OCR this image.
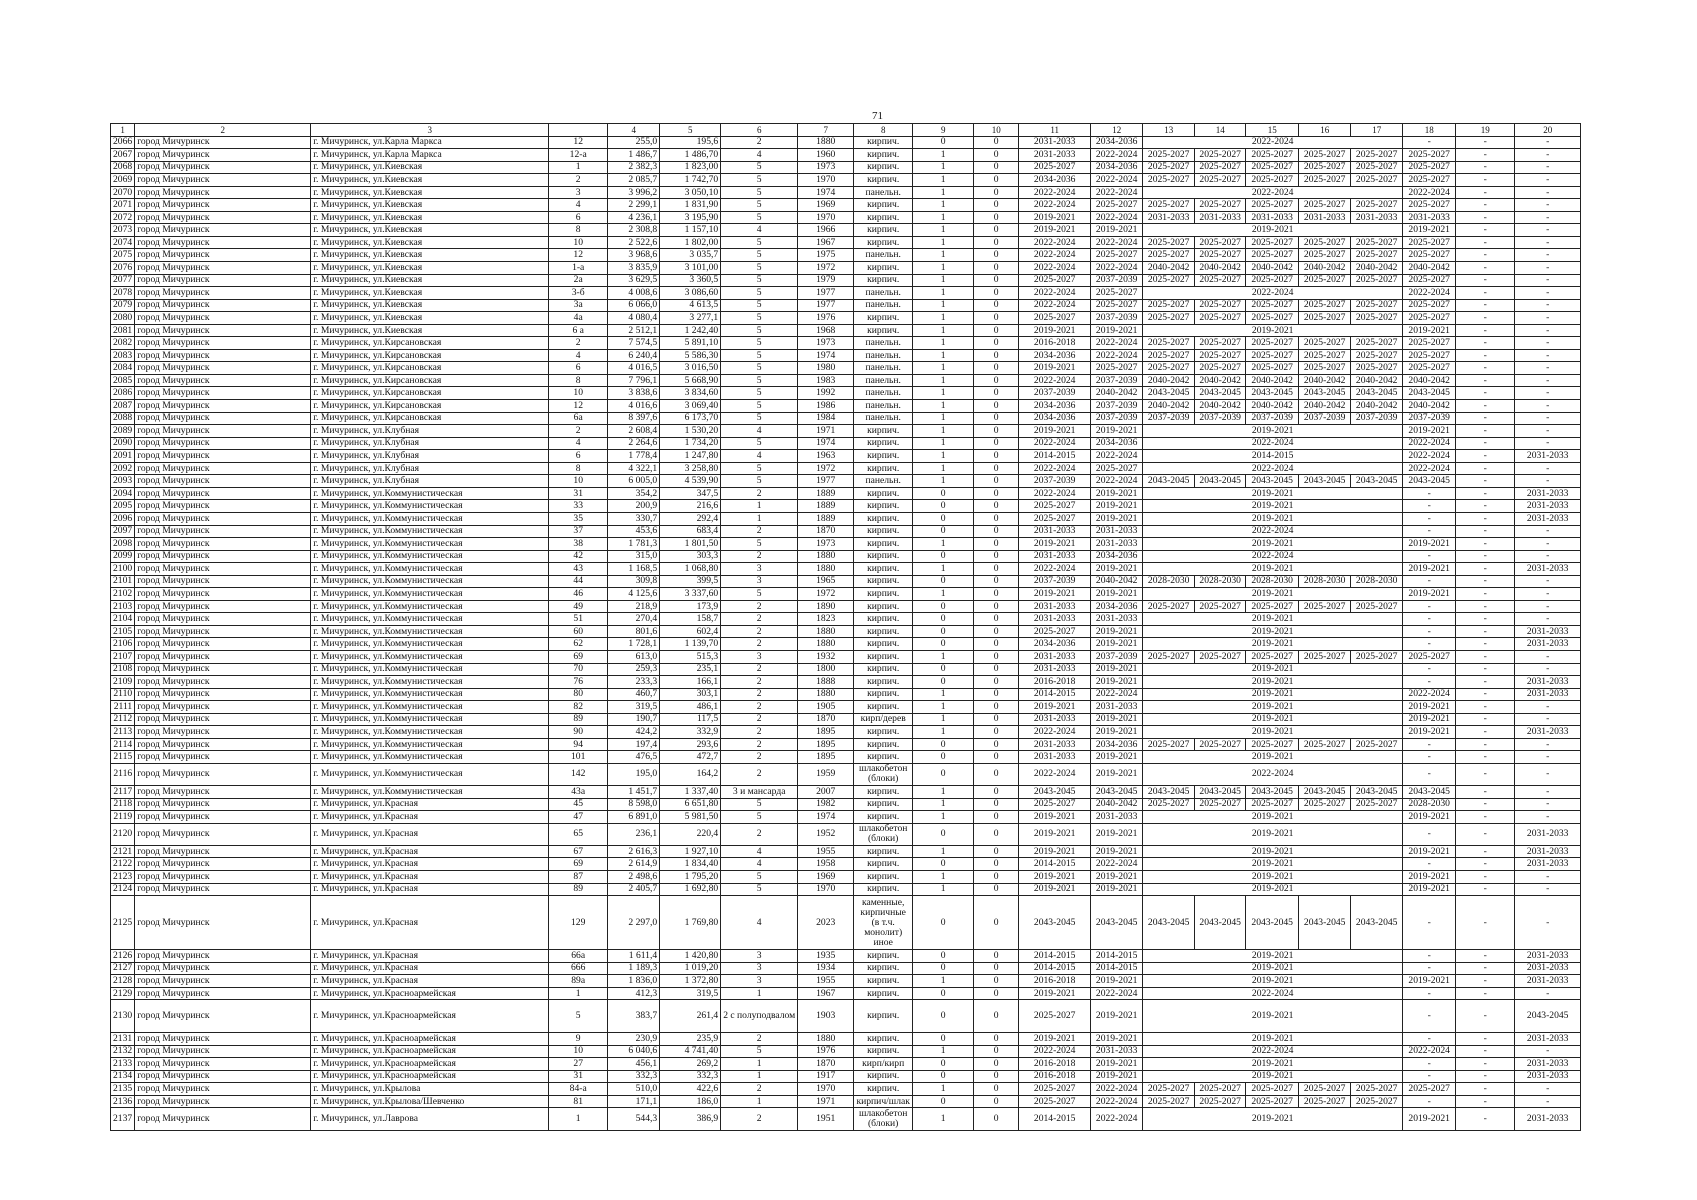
71
1	2	3		4	5	6	7	8	9	10	11	12	13	14	15	16	17	18	19	20
2066	город Мичуринск	г. Мичуринск, ул.Карла Маркса	12	255,0	195,6	2	1880	кирпич.	0	0	2031-2033	2034-2036	2022-2024					-	-	-
2067	город Мичуринск	г. Мичуринск, ул.Карла Маркса	12-а	1 486,7	1 486,70	4	1960	кирпич.	1	0	2031-2033	2022-2024	2025-2027	2025-2027	2025-2027	2025-2027	2025-2027	2025-2027	-	-
2068	город Мичуринск	г. Мичуринск, ул.Киевская	1	2 382,3	1 823,00	5	1973	кирпич.	1	0	2025-2027	2034-2036	2025-2027	2025-2027	2025-2027	2025-2027	2025-2027	2025-2027	-	-
2069	город Мичуринск	г. Мичуринск, ул.Киевская	2	2 085,7	1 742,70	5	1970	кирпич.	1	0	2034-2036	2022-2024	2025-2027	2025-2027	2025-2027	2025-2027	2025-2027	2025-2027	-	-
2070	город Мичуринск	г. Мичуринск, ул.Киевская	3	3 996,2	3 050,10	5	1974	панельн.	1	0	2022-2024	2022-2024	2022-2024					2022-2024	-	-
2071	город Мичуринск	г. Мичуринск, ул.Киевская	4	2 299,1	1 831,90	5	1969	кирпич.	1	0	2022-2024	2025-2027	2025-2027	2025-2027	2025-2027	2025-2027	2025-2027	2025-2027	-	-
2072	город Мичуринск	г. Мичуринск, ул.Киевская	6	4 236,1	3 195,90	5	1970	кирпич.	1	0	2019-2021	2022-2024	2031-2033	2031-2033	2031-2033	2031-2033	2031-2033	2031-2033	-	-
2073	город Мичуринск	г. Мичуринск, ул.Киевская	8	2 308,8	1 157,10	4	1966	кирпич.	1	0	2019-2021	2019-2021	2019-2021					2019-2021	-	-
2074	город Мичуринск	г. Мичуринск, ул.Киевская	10	2 522,6	1 802,00	5	1967	кирпич.	1	0	2022-2024	2022-2024	2025-2027	2025-2027	2025-2027	2025-2027	2025-2027	2025-2027	-	-
2075	город Мичуринск	г. Мичуринск, ул.Киевская	12	3 968,6	3 035,7	5	1975	панельн.	1	0	2022-2024	2025-2027	2025-2027	2025-2027	2025-2027	2025-2027	2025-2027	2025-2027	-	-
2076	город Мичуринск	г. Мичуринск, ул.Киевская	1-а	3 835,9	3 101,00	5	1972	кирпич.	1	0	2022-2024	2022-2024	2040-2042	2040-2042	2040-2042	2040-2042	2040-2042	2040-2042	-	-
2077	город Мичуринск	г. Мичуринск, ул.Киевская	2а	3 629,5	3 360,5	5	1979	кирпич.	1	0	2025-2027	2037-2039	2025-2027	2025-2027	2025-2027	2025-2027	2025-2027	2025-2027	-	-
2078	город Мичуринск	г. Мичуринск, ул.Киевская	3-б	4 008,6	3 086,60	5	1977	панельн.	1	0	2022-2024	2025-2027	2022-2024					2022-2024	-	-
2079	город Мичуринск	г. Мичуринск, ул.Киевская	3а	6 066,0	4 613,5	5	1977	панельн.	1	0	2022-2024	2025-2027	2025-2027	2025-2027	2025-2027	2025-2027	2025-2027	2025-2027	-	-
2080	город Мичуринск	г. Мичуринск, ул.Киевская	4а	4 080,4	3 277,1	5	1976	кирпич.	1	0	2025-2027	2037-2039	2025-2027	2025-2027	2025-2027	2025-2027	2025-2027	2025-2027	-	-
2081	город Мичуринск	г. Мичуринск, ул.Киевская	6 а	2 512,1	1 242,40	5	1968	кирпич.	1	0	2019-2021	2019-2021	2019-2021					2019-2021	-	-
2082	город Мичуринск	г. Мичуринск, ул.Кирсановская	2	7 574,5	5 891,10	5	1973	панельн.	1	0	2016-2018	2022-2024	2025-2027	2025-2027	2025-2027	2025-2027	2025-2027	2025-2027	-	-
2083	город Мичуринск	г. Мичуринск, ул.Кирсановская	4	6 240,4	5 586,30	5	1974	панельн.	1	0	2034-2036	2022-2024	2025-2027	2025-2027	2025-2027	2025-2027	2025-2027	2025-2027	-	-
2084	город Мичуринск	г. Мичуринск, ул.Кирсановская	6	4 016,5	3 016,50	5	1980	панельн.	1	0	2019-2021	2025-2027	2025-2027	2025-2027	2025-2027	2025-2027	2025-2027	2025-2027	-	-
2085	город Мичуринск	г. Мичуринск, ул.Кирсановская	8	7 796,1	5 668,90	5	1983	панельн.	1	0	2022-2024	2037-2039	2040-2042	2040-2042	2040-2042	2040-2042	2040-2042	2040-2042	-	-
2086	город Мичуринск	г. Мичуринск, ул.Кирсановская	10	3 838,6	3 834,60	5	1992	панельн.	1	0	2037-2039	2040-2042	2043-2045	2043-2045	2043-2045	2043-2045	2043-2045	2043-2045	-	-
2087	город Мичуринск	г. Мичуринск, ул.Кирсановская	12	4 016,6	3 069,40	5	1986	панельн.	1	0	2034-2036	2037-2039	2040-2042	2040-2042	2040-2042	2040-2042	2040-2042	2040-2042	-	-
2088	город Мичуринск	г. Мичуринск, ул.Кирсановская	6а	8 397,6	6 173,70	5	1984	панельн.	1	0	2034-2036	2037-2039	2037-2039	2037-2039	2037-2039	2037-2039	2037-2039	2037-2039	-	-
2089	город Мичуринск	г. Мичуринск, ул.Клубная	2	2 608,4	1 530,20	4	1971	кирпич.	1	0	2019-2021	2019-2021	2019-2021					2019-2021	-	-
2090	город Мичуринск	г. Мичуринск, ул.Клубная	4	2 264,6	1 734,20	5	1974	кирпич.	1	0	2022-2024	2034-2036	2022-2024					2022-2024	-	-
2091	город Мичуринск	г. Мичуринск, ул.Клубная	6	1 778,4	1 247,80	4	1963	кирпич.	1	0	2014-2015	2022-2024	2014-2015					2022-2024	-	2031-2033
2092	город Мичуринск	г. Мичуринск, ул.Клубная	8	4 322,1	3 258,80	5	1972	кирпич.	1	0	2022-2024	2025-2027	2022-2024					2022-2024	-	-
2093	город Мичуринск	г. Мичуринск, ул.Клубная	10	6 005,0	4 539,90	5	1977	панельн.	1	0	2037-2039	2022-2024	2043-2045	2043-2045	2043-2045	2043-2045	2043-2045	2043-2045	-	-
2094	город Мичуринск	г. Мичуринск, ул.Коммунистическая	31	354,2	347,5	2	1889	кирпич.	0	0	2022-2024	2019-2021	2019-2021					-	-	2031-2033
2095	город Мичуринск	г. Мичуринск, ул.Коммунистическая	33	200,9	216,6	1	1889	кирпич.	0	0	2025-2027	2019-2021	2019-2021					-	-	2031-2033
2096	город Мичуринск	г. Мичуринск, ул.Коммунистическая	35	330,7	292,4	1	1889	кирпич.	0	0	2025-2027	2019-2021	2019-2021					-	-	2031-2033
2097	город Мичуринск	г. Мичуринск, ул.Коммунистическая	37	453,6	683,4	2	1870	кирпич.	0	0	2031-2033	2031-2033	2022-2024					-	-	-
2098	город Мичуринск	г. Мичуринск, ул.Коммунистическая	38	1 781,3	1 801,50	5	1973	кирпич.	1	0	2019-2021	2031-2033	2019-2021					2019-2021	-	-
2099	город Мичуринск	г. Мичуринск, ул.Коммунистическая	42	315,0	303,3	2	1880	кирпич.	0	0	2031-2033	2034-2036	2022-2024					-	-	-
2100	город Мичуринск	г. Мичуринск, ул.Коммунистическая	43	1 168,5	1 068,80	3	1880	кирпич.	1	0	2022-2024	2019-2021	2019-2021					2019-2021	-	2031-2033
2101	город Мичуринск	г. Мичуринск, ул.Коммунистическая	44	309,8	399,5	3	1965	кирпич.	0	0	2037-2039	2040-2042	2028-2030	2028-2030	2028-2030	2028-2030	2028-2030	-	-	-
2102	город Мичуринск	г. Мичуринск, ул.Коммунистическая	46	4 125,6	3 337,60	5	1972	кирпич.	1	0	2019-2021	2019-2021	2019-2021					2019-2021	-	-
2103	город Мичуринск	г. Мичуринск, ул.Коммунистическая	49	218,9	173,9	2	1890	кирпич.	0	0	2031-2033	2034-2036	2025-2027	2025-2027	2025-2027	2025-2027	2025-2027	-	-	-
2104	город Мичуринск	г. Мичуринск, ул.Коммунистическая	51	270,4	158,7	2	1823	кирпич.	0	0	2031-2033	2031-2033	2019-2021					-	-	-
2105	город Мичуринск	г. Мичуринск, ул.Коммунистическая	60	801,6	602,4	2	1880	кирпич.	0	0	2025-2027	2019-2021	2019-2021					-	-	2031-2033
2106	город Мичуринск	г. Мичуринск, ул.Коммунистическая	62	1 728,1	1 139,70	2	1880	кирпич.	0	0	2034-2036	2019-2021	2019-2021					-	-	2031-2033
2107	город Мичуринск	г. Мичуринск, ул.Коммунистическая	69	613,0	515,3	3	1932	кирпич.	1	0	2031-2033	2037-2039	2025-2027	2025-2027	2025-2027	2025-2027	2025-2027	2025-2027	-	-
2108	город Мичуринск	г. Мичуринск, ул.Коммунистическая	70	259,3	235,1	2	1800	кирпич.	0	0	2031-2033	2019-2021	2019-2021					-	-	-
2109	город Мичуринск	г. Мичуринск, ул.Коммунистическая	76	233,3	166,1	2	1888	кирпич.	0	0	2016-2018	2019-2021	2019-2021					-	-	2031-2033
2110	город Мичуринск	г. Мичуринск, ул.Коммунистическая	80	460,7	303,1	2	1880	кирпич.	1	0	2014-2015	2022-2024	2019-2021					2022-2024	-	2031-2033
2111	город Мичуринск	г. Мичуринск, ул.Коммунистическая	82	319,5	486,1	2	1905	кирпич.	1	0	2019-2021	2031-2033	2019-2021					2019-2021	-	-
2112	город Мичуринск	г. Мичуринск, ул.Коммунистическая	89	190,7	117,5	2	1870	кирп/дерев	1	0	2031-2033	2019-2021	2019-2021					2019-2021	-	-
2113	город Мичуринск	г. Мичуринск, ул.Коммунистическая	90	424,2	332,9	2	1895	кирпич.	1	0	2022-2024	2019-2021	2019-2021					2019-2021	-	2031-2033
2114	город Мичуринск	г. Мичуринск, ул.Коммунистическая	94	197,4	293,6	2	1895	кирпич.	0	0	2031-2033	2034-2036	2025-2027	2025-2027	2025-2027	2025-2027	2025-2027	-	-	-
2115	город Мичуринск	г. Мичуринск, ул.Коммунистическая	101	476,5	472,7	2	1895	кирпич.	0	0	2031-2033	2019-2021	2019-2021					-	-	-
2116	город Мичуринск	г. Мичуринск, ул.Коммунистическая	142	195,0	164,2	2	1959	шлакобетон (блоки)	0	0	2022-2024	2019-2021	2022-2024					-	-	-
2117	город Мичуринск	г. Мичуринск, ул.Коммунистическая	43а	1 451,7	1 337,40	3 и мансарда	2007	кирпич.	1	0	2043-2045	2043-2045	2043-2045	2043-2045	2043-2045	2043-2045	2043-2045	2043-2045	-	-
2118	город Мичуринск	г. Мичуринск, ул.Красная	45	8 598,0	6 651,80	5	1982	кирпич.	1	0	2025-2027	2040-2042	2025-2027	2025-2027	2025-2027	2025-2027	2025-2027	2028-2030	-	-
2119	город Мичуринск	г. Мичуринск, ул.Красная	47	6 891,0	5 981,50	5	1974	кирпич.	1	0	2019-2021	2031-2033	2019-2021					2019-2021	-	-
2120	город Мичуринск	г. Мичуринск, ул.Красная	65	236,1	220,4	2	1952	шлакобетон (блоки)	0	0	2019-2021	2019-2021	2019-2021					-	-	2031-2033
2121	город Мичуринск	г. Мичуринск, ул.Красная	67	2 616,3	1 927,10	4	1955	кирпич.	1	0	2019-2021	2019-2021	2019-2021					2019-2021	-	2031-2033
2122	город Мичуринск	г. Мичуринск, ул.Красная	69	2 614,9	1 834,40	4	1958	кирпич.	0	0	2014-2015	2022-2024	2019-2021					-	-	2031-2033
2123	город Мичуринск	г. Мичуринск, ул.Красная	87	2 498,6	1 795,20	5	1969	кирпич.	1	0	2019-2021	2019-2021	2019-2021					2019-2021	-	-
2124	город Мичуринск	г. Мичуринск, ул.Красная	89	2 405,7	1 692,80	5	1970	кирпич.	1	0	2019-2021	2019-2021	2019-2021					2019-2021	-	-
2125	город Мичуринск	г. Мичуринск, ул.Красная	129	2 297,0	1 769,80	4	2023	каменные, кирпичные (в т.ч. монолит) иное	0	0	2043-2045	2043-2045	2043-2045	2043-2045	2043-2045	2043-2045	2043-2045	-	-	-
2126	город Мичуринск	г. Мичуринск, ул.Красная	66а	1 611,4	1 420,80	3	1935	кирпич.	0	0	2014-2015	2014-2015	2019-2021					-	-	2031-2033
2127	город Мичуринск	г. Мичуринск, ул.Красная	666	1 189,3	1 019,20	3	1934	кирпич.	0	0	2014-2015	2014-2015	2019-2021					-	-	2031-2033
2128	город Мичуринск	г. Мичуринск, ул.Красная	89а	1 836,0	1 372,80	3	1955	кирпич.	1	0	2016-2018	2019-2021	2019-2021					2019-2021	-	2031-2033
2129	город Мичуринск	г. Мичуринск, ул.Красноармейская	1	412,3	319,5	1	1967	кирпич.	0	0	2019-2021	2022-2024	2022-2024					-	-	-
2130	город Мичуринск	г. Мичуринск, ул.Красноармейская	5	383,7	261,4	2 с полуподвалом	1903	кирпич.	0	0	2025-2027	2019-2021	2019-2021					-	-	2043-2045
2131	город Мичуринск	г. Мичуринск, ул.Красноармейская	9	230,9	235,9	2	1880	кирпич.	0	0	2019-2021	2019-2021	2019-2021					-	-	2031-2033
2132	город Мичуринск	г. Мичуринск, ул.Красноармейская	10	6 040,6	4 741,40	5	1976	кирпич.	1	0	2022-2024	2031-2033	2022-2024					2022-2024	-	-
2133	город Мичуринск	г. Мичуринск, ул.Красноармейская	27	456,1	269,2	1	1870	кирп/кирп	0	0	2016-2018	2019-2021	2019-2021					-	-	2031-2033
2134	город Мичуринск	г. Мичуринск, ул.Красноармейская	31	332,3	332,3	1	1917	кирпич.	0	0	2016-2018	2019-2021	2019-2021					-	-	2031-2033
2135	город Мичуринск	г. Мичуринск, ул.Крылова	84-а	510,0	422,6	2	1970	кирпич.	1	0	2025-2027	2022-2024	2025-2027	2025-2027	2025-2027	2025-2027	2025-2027	2025-2027	-	-
2136	город Мичуринск	г. Мичуринск, ул.Крылова/Шевченко	81	171,1	186,0	1	1971	кирпич/шлак	0	0	2025-2027	2022-2024	2025-2027	2025-2027	2025-2027	2025-2027	2025-2027	-	-	-
2137	город Мичуринск	г. Мичуринск, ул.Лаврова	1	544,3	386,9	2	1951	шлакобетон (блоки)	1	0	2014-2015	2022-2024	2019-2021					2019-2021	-	2031-2033
